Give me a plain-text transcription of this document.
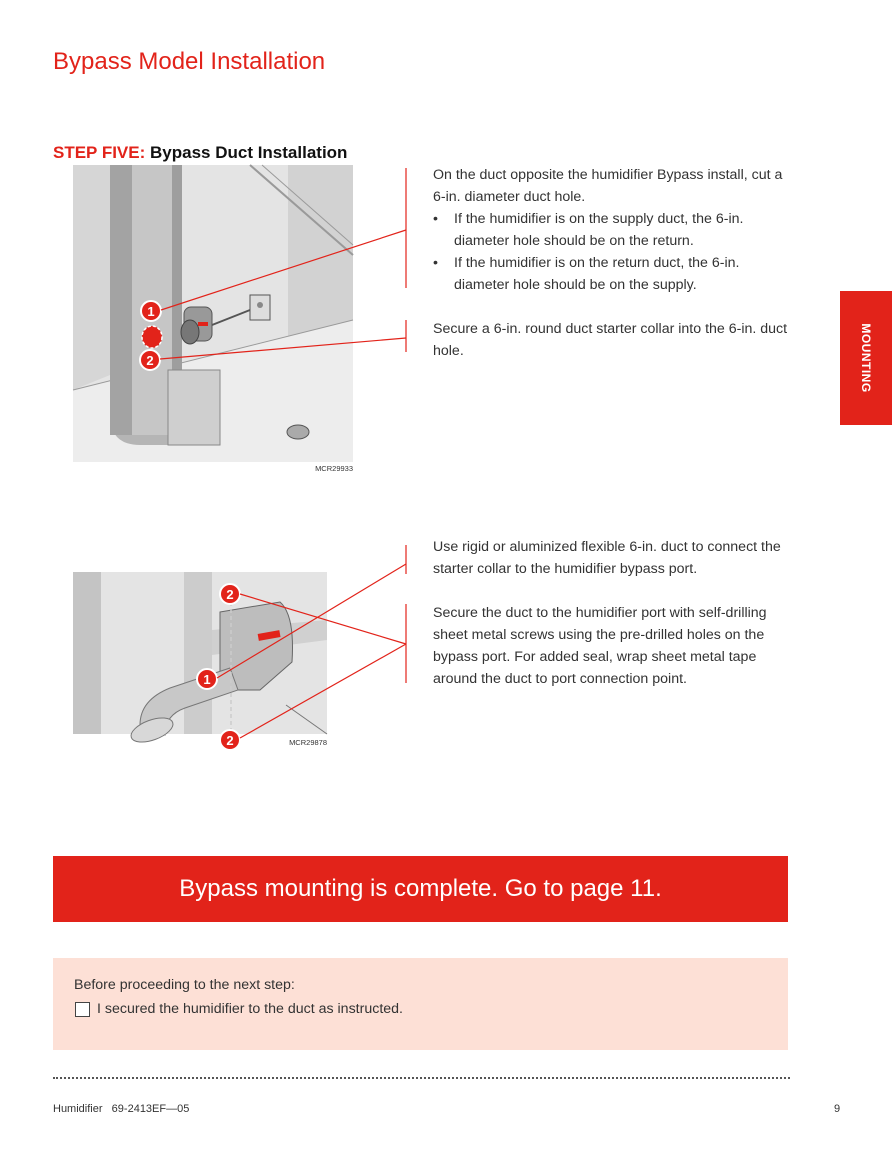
Bypass Model Installation
STEP FIVE: Bypass Duct Installation
1
2
MCR29933

On the duct opposite the humidifier Bypass install, cut a 6-in. diameter duct hole.

• If the humidifier is on the supply duct, the 6-in. diameter hole should be on the return.
• If the humidifier is on the return duct, the 6-in. diameter hole should be on the supply.

Secure a 6-in. round duct starter collar into the 6-in. duct hole.

2
1
2	MCR29878

Use rigid or aluminized flexible 6-in. duct to connect the starter collar to the humidifier bypass port.

Secure the duct to the humidifier port with self-drilling sheet metal screws using the pre-drilled holes on the bypass port. For added seal, wrap sheet metal tape around the duct to port connection point.

MOUNTING
Bypass mounting is complete. Go to page 11.
Before proceeding to the next step:
I secured the humidifier to the duct as instructed.
Humidifier   69-2413EF—05	9
